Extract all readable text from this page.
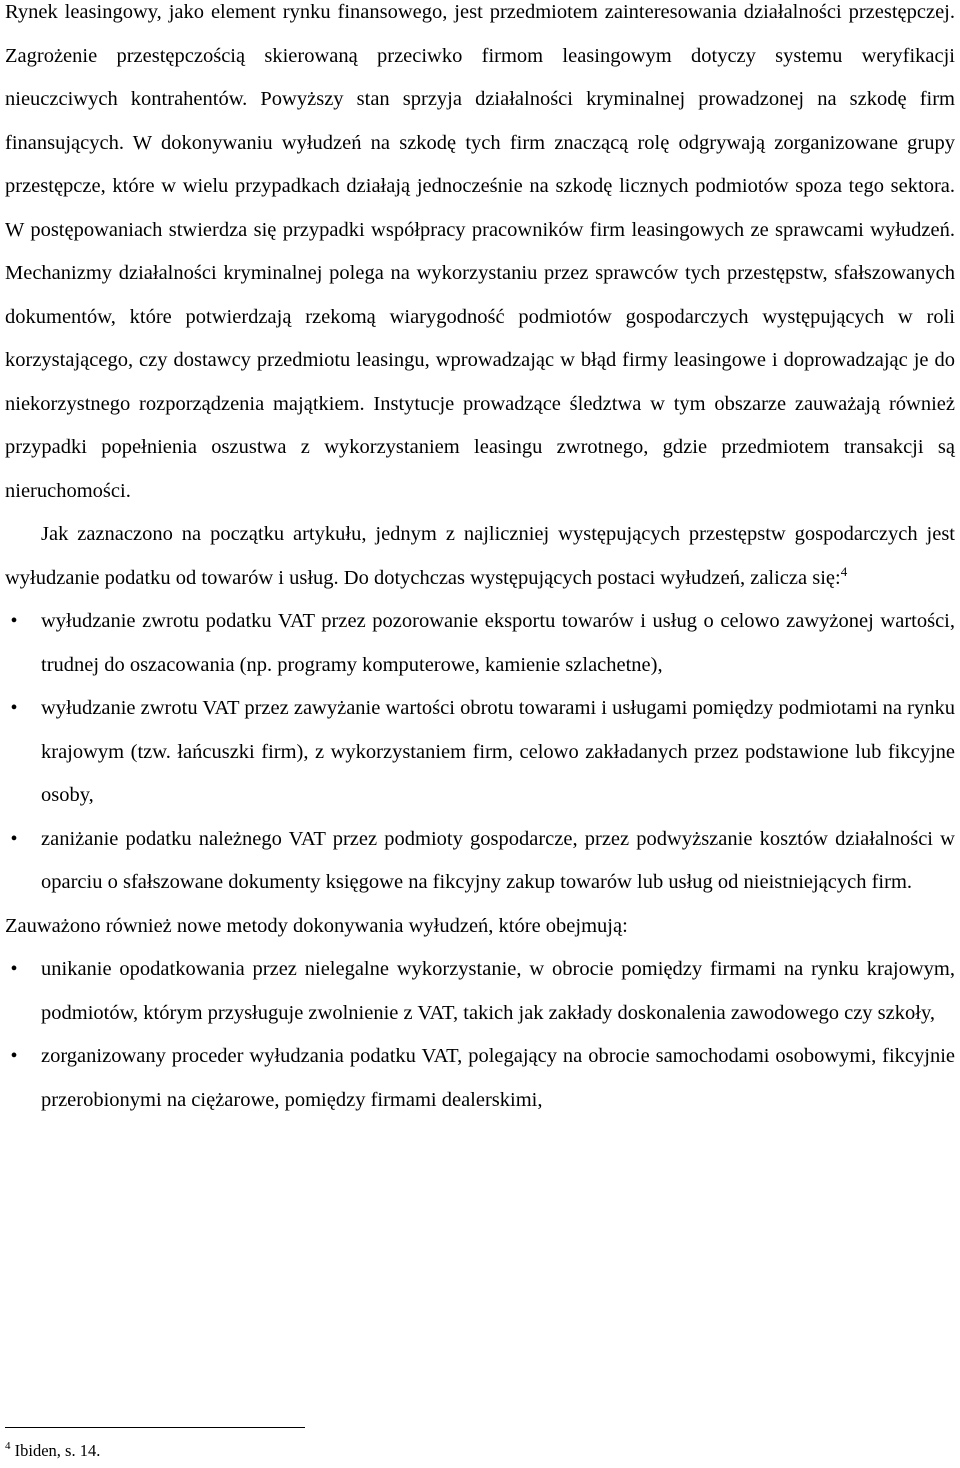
Rynek leasingowy, jako element rynku finansowego, jest przedmiotem zainteresowania działalności przestępczej. Zagrożenie przestępczością skierowaną przeciwko firmom leasingowym dotyczy systemu weryfikacji nieuczciwych kontrahentów. Powyższy stan sprzyja działalności kryminalnej prowadzonej na szkodę firm finansujących. W dokonywaniu wyłudzeń na szkodę tych firm znaczącą rolę odgrywają zorganizowane grupy przestępcze, które w wielu przypadkach działają jednocześnie na szkodę licznych podmiotów spoza tego sektora. W postępowaniach stwierdza się przypadki współpracy pracowników firm leasingowych ze sprawcami wyłudzeń. Mechanizmy działalności kryminalnej polega na wykorzystaniu przez sprawców tych przestępstw, sfałszowanych dokumentów, które potwierdzają rzekomą wiarygodność podmiotów gospodarczych występujących w roli korzystającego, czy dostawcy przedmiotu leasingu, wprowadzając w błąd firmy leasingowe i doprowadzając je do niekorzystnego rozporządzenia majątkiem. Instytucje prowadzące śledztwa w tym obszarze zauważają również przypadki popełnienia oszustwa z wykorzystaniem leasingu zwrotnego, gdzie przedmiotem transakcji są nieruchomości.

Jak zaznaczono na początku artykułu, jednym z najliczniej występujących przestępstw gospodarczych jest wyłudzanie podatku od towarów i usług. Do dotychczas występujących postaci wyłudzeń, zalicza się:$^4$

• wyłudzanie zwrotu podatku VAT przez pozorowanie eksportu towarów i usług o celowo zawyżonej wartości, trudnej do oszacowania (np. programy komputerowe, kamienie szlachetne),
• wyłudzanie zwrotu VAT przez zawyżanie wartości obrotu towarami i usługami pomiędzy podmiotami na rynku krajowym (tzw. łańcuszki firm), z wykorzystaniem firm, celowo zakładanych przez podstawione lub fikcyjne osoby,
• zaniżanie podatku należnego VAT przez podmioty gospodarcze, przez podwyższanie kosztów działalności w oparciu o sfałszowane dokumenty księgowe na fikcyjny zakup towarów lub usług od nieistniejących firm.

Zauważono również nowe metody dokonywania wyłudzeń, które obejmują:

• unikanie opodatkowania przez nielegalne wykorzystanie, w obrocie pomiędzy firmami na rynku krajowym, podmiotów, którym przysługuje zwolnienie z VAT, takich jak zakłady doskonalenia zawodowego czy szkoły,
• zorganizowany proceder wyłudzania podatku VAT, polegający na obrocie samochodami osobowymi, fikcyjnie przerobionymi na ciężarowe, pomiędzy firmami dealerskimi,
$^4$ Ibiden, s. 14.
